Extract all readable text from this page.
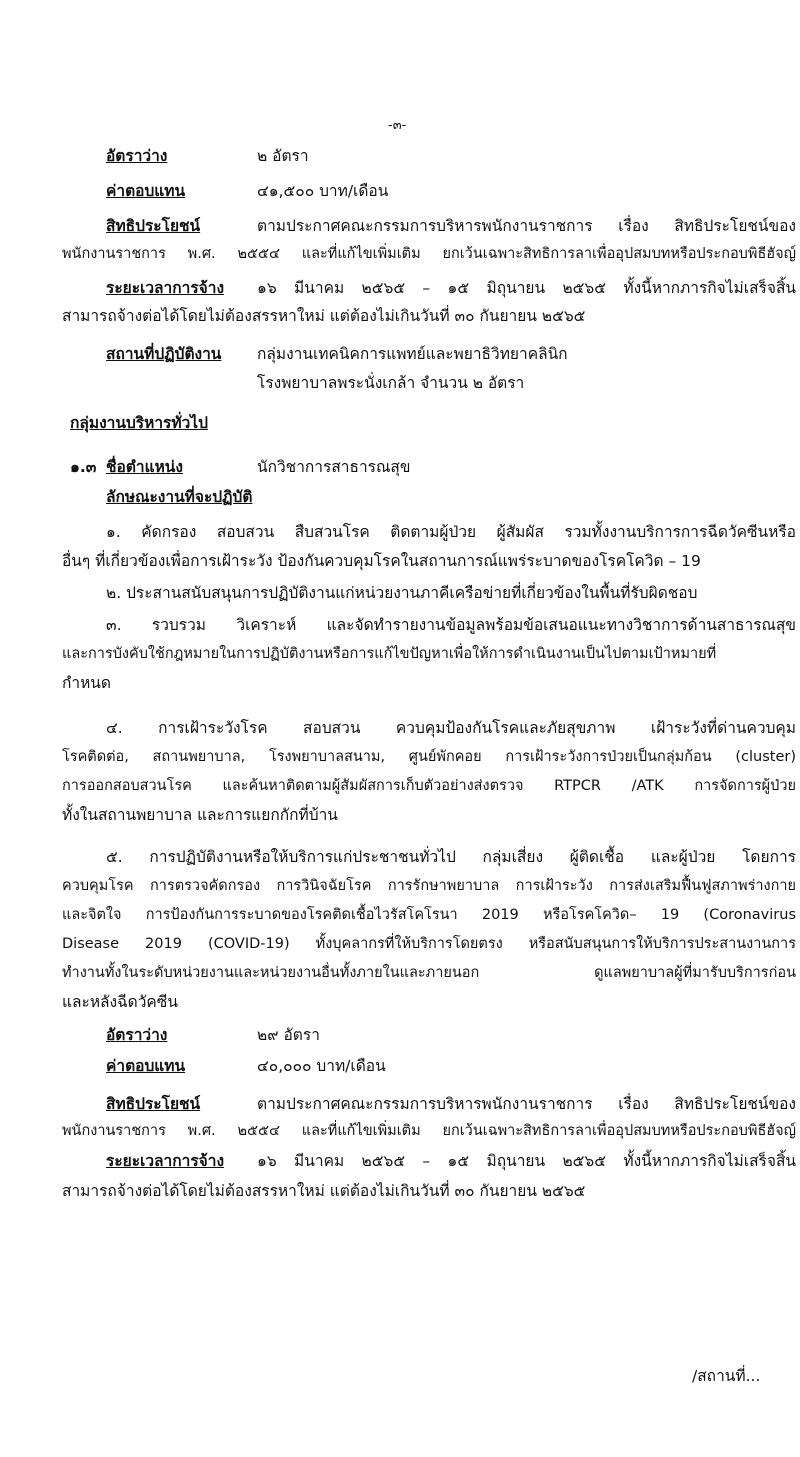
-๓-
อัตราว่าง	๒ อัตรา
ค่าตอบแทน	๔๑,๕๐๐ บาท/เดือน
สิทธิประโยชน์	ตามประกาศคณะกรรมการบริหารพนักงานราชการ เรื่อง สิทธิประโยชน์ของ
พนักงานราชการ พ.ศ. ๒๕๕๔ และที่แก้ไขเพิ่มเติม ยกเว้นเฉพาะสิทธิการลาเพื่ออุปสมบทหรือประกอบพิธีฮัจญ์
ระยะเวลาการจ้าง ๑๖ มีนาคม ๒๕๖๕ – ๑๕ มิถุนายน ๒๕๖๕ ทั้งนี้หากภารกิจไม่เสร็จสิ้น
สามารถจ้างต่อได้โดยไม่ต้องสรรหาใหม่ แต่ต้องไม่เกินวันที่ ๓๐ กันยายน ๒๕๖๕
สถานที่ปฏิบัติงาน กลุ่มงานเทคนิคการแพทย์และพยาธิวิทยาคลินิก
โรงพยาบาลพระนั่งเกล้า จำนวน ๒ อัตรา
กลุ่มงานบริหารทั่วไป
๑.๓ ชื่อตำแหน่ง	นักวิชาการสาธารณสุข
ลักษณะงานที่จะปฏิบัติ
๑. คัดกรอง สอบสวน สืบสวนโรค ติดตามผู้ป่วย ผู้สัมผัส รวมทั้งงานบริการการฉีดวัคซีนหรือ
อื่นๆ ที่เกี่ยวข้องเพื่อการเฝ้าระวัง ป้องกันควบคุมโรคในสถานการณ์แพร่ระบาดของโรคโควิด – 19
๒. ประสานสนับสนุนการปฏิบัติงานแก่หน่วยงานภาคีเครือข่ายที่เกี่ยวข้องในพื้นที่รับผิดชอบ
๓. รวบรวม วิเคราะห์ และจัดทำรายงานข้อมูลพร้อมข้อเสนอแนะทางวิชาการด้านสาธารณสุข
และการบังคับใช้กฎหมายในการปฏิบัติงานหรือการแก้ไขปัญหาเพื่อให้การดำเนินงานเป็นไปตามเป้าหมายที่
กำหนด
๔. การเฝ้าระวังโรค สอบสวน ควบคุมป้องกันโรคและภัยสุขภาพ เฝ้าระวังที่ด่านควบคุม
โรคติดต่อ, สถานพยาบาล, โรงพยาบาลสนาม, ศูนย์พักคอย การเฝ้าระวังการป่วยเป็นกลุ่มก้อน (cluster)
การออกสอบสวนโรค และค้นหาติดตามผู้สัมผัสการเก็บตัวอย่างส่งตรวจ RTPCR /ATK การจัดการผู้ป่วย
ทั้งในสถานพยาบาล และการแยกกักที่บ้าน
๕. การปฏิบัติงานหรือให้บริการแก่ประชาชนทั่วไป กลุ่มเสี่ยง ผู้ติดเชื้อ และผู้ป่วย โดยการ
ควบคุมโรค การตรวจคัดกรอง การวินิจฉัยโรค การรักษาพยาบาล การเฝ้าระวัง การส่งเสริมฟื้นฟูสภาพร่างกาย
และจิตใจ การป้องกันการระบาดของโรคติดเชื้อไวรัสโคโรนา 2019 หรือโรคโควิด– 19 (Coronavirus
Disease 2019 (COVID-19) ทั้งบุคลากรที่ให้บริการโดยตรง หรือสนับสนุนการให้บริการประสานงานการ
ทำงานทั้งในระดับหน่วยงานและหน่วยงานอื่นทั้งภายในและภายนอก ดูแลพยาบาลผู้ที่มารับบริการก่อน
และหลังฉีดวัคซีน
อัตราว่าง	๒๙ อัตรา
ค่าตอบแทน	๔๐,๐๐๐ บาท/เดือน
สิทธิประโยชน์	ตามประกาศคณะกรรมการบริหารพนักงานราชการ เรื่อง สิทธิประโยชน์ของ
พนักงานราชการ พ.ศ. ๒๕๕๔ และที่แก้ไขเพิ่มเติม ยกเว้นเฉพาะสิทธิการลาเพื่ออุปสมบทหรือประกอบพิธีฮัจญ์
ระยะเวลาการจ้าง ๑๖ มีนาคม ๒๕๖๕ – ๑๕ มิถุนายน ๒๕๖๕ ทั้งนี้หากภารกิจไม่เสร็จสิ้น
สามารถจ้างต่อได้โดยไม่ต้องสรรหาใหม่ แต่ต้องไม่เกินวันที่ ๓๐ กันยายน ๒๕๖๕
/สถานที่...
